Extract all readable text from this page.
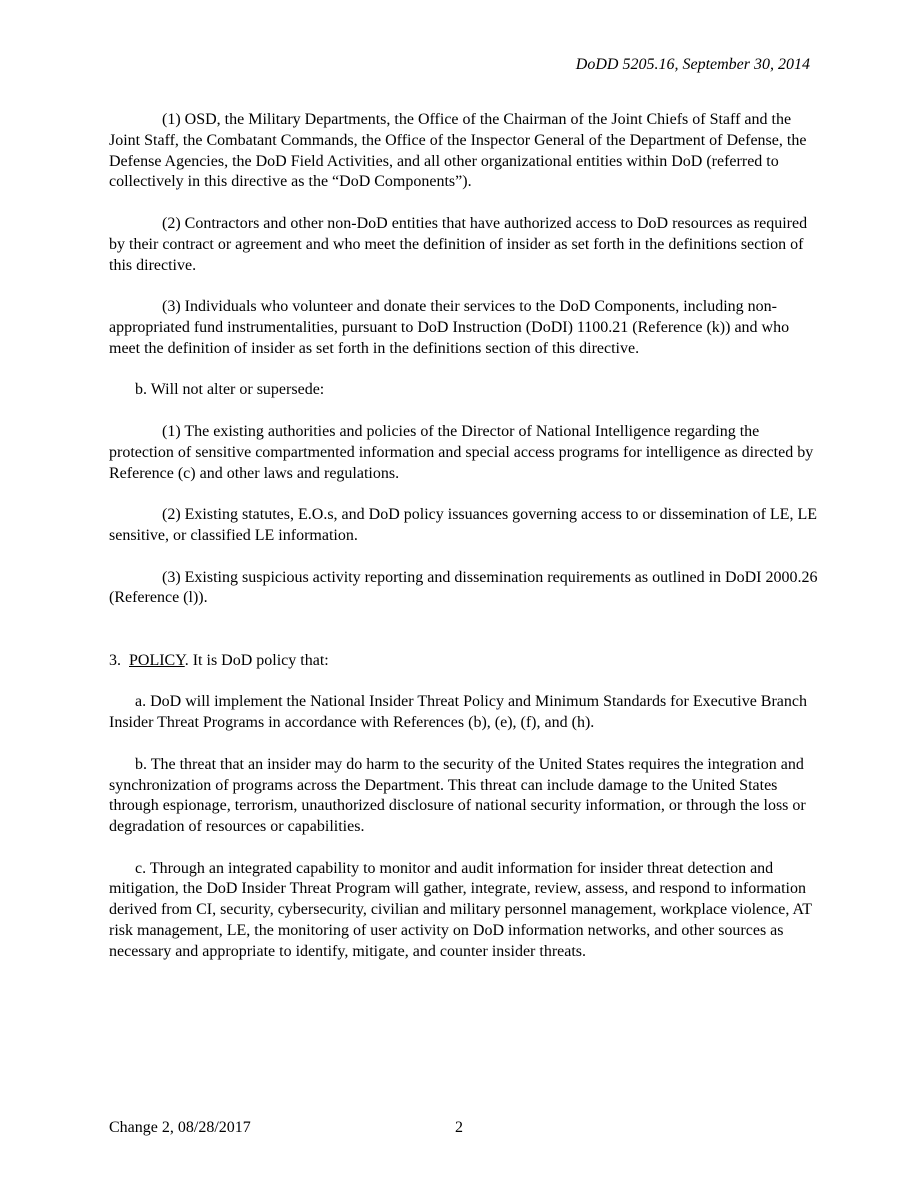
DoDD 5205.16, September 30, 2014

(1) OSD, the Military Departments, the Office of the Chairman of the Joint Chiefs of Staff and the Joint Staff, the Combatant Commands, the Office of the Inspector General of the Department of Defense, the Defense Agencies, the DoD Field Activities, and all other organizational entities within DoD (referred to collectively in this directive as the “DoD Components”).

(2) Contractors and other non-DoD entities that have authorized access to DoD resources as required by their contract or agreement and who meet the definition of insider as set forth in the definitions section of this directive.

(3) Individuals who volunteer and donate their services to the DoD Components, including non-appropriated fund instrumentalities, pursuant to DoD Instruction (DoDI) 1100.21 (Reference (k)) and who meet the definition of insider as set forth in the definitions section of this directive.

b. Will not alter or supersede:

(1) The existing authorities and policies of the Director of National Intelligence regarding the protection of sensitive compartmented information and special access programs for intelligence as directed by Reference (c) and other laws and regulations.

(2) Existing statutes, E.O.s, and DoD policy issuances governing access to or dissemination of LE, LE sensitive, or classified LE information.

(3) Existing suspicious activity reporting and dissemination requirements as outlined in DoDI 2000.26 (Reference (l)).

3. POLICY. It is DoD policy that:

a. DoD will implement the National Insider Threat Policy and Minimum Standards for Executive Branch Insider Threat Programs in accordance with References (b), (e), (f), and (h).

b. The threat that an insider may do harm to the security of the United States requires the integration and synchronization of programs across the Department. This threat can include damage to the United States through espionage, terrorism, unauthorized disclosure of national security information, or through the loss or degradation of resources or capabilities.

c. Through an integrated capability to monitor and audit information for insider threat detection and mitigation, the DoD Insider Threat Program will gather, integrate, review, assess, and respond to information derived from CI, security, cybersecurity, civilian and military personnel management, workplace violence, AT risk management, LE, the monitoring of user activity on DoD information networks, and other sources as necessary and appropriate to identify, mitigate, and counter insider threats.

Change 2, 08/28/2017	2
